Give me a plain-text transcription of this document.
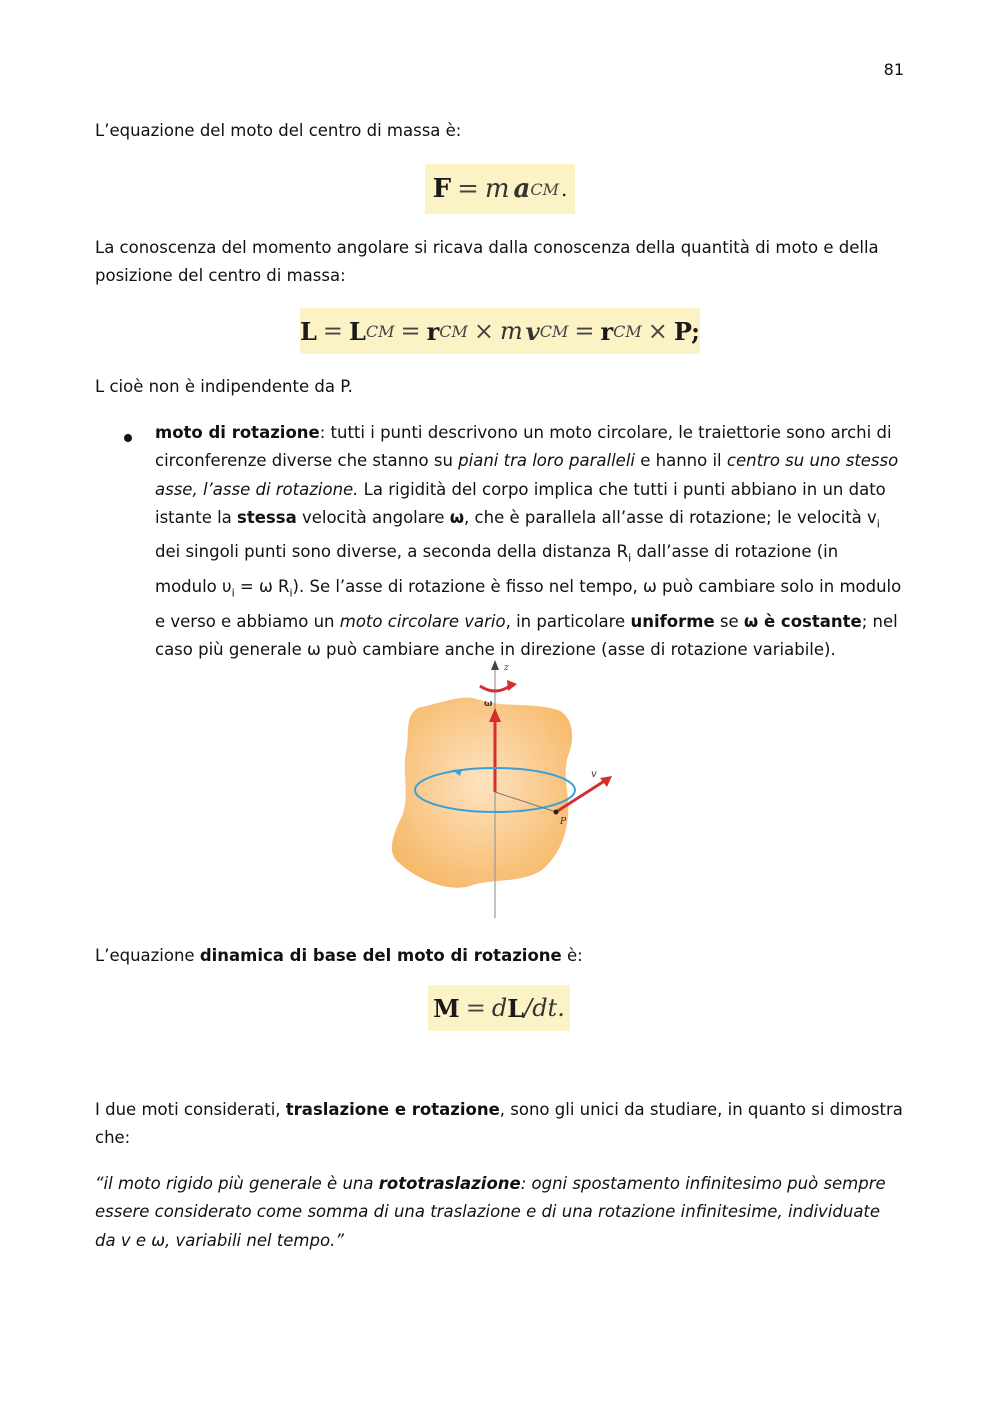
81

L’equazione del moto del centro di massa è:

F = m a CM .

La conoscenza del momento angolare si ricava dalla conoscenza della quantità di moto e della posizione del centro di massa:

L = L CM = r CM × m v CM = r CM × P;

L cioè non è indipendente da P.

moto di rotazione: tutti i punti descrivono un moto circolare, le traiettorie sono archi di circonferenze diverse che stanno su piani tra loro paralleli e hanno il centro su uno stesso asse, l’asse di rotazione. La rigidità del corpo implica che tutti i punti abbiano in un dato istante la stessa velocità angolare ω, che è parallela all’asse di rotazione; le velocità $v_i$ dei singoli punti sono diverse, a seconda della distanza $R_i$ dall’asse di rotazione (in modulo $\upsilon_i = \omega$ $R_i$). Se l’asse di rotazione è fisso nel tempo, ω può cambiare solo in modulo e verso e abbiamo un moto circolare vario, in particolare uniforme se ω è costante; nel caso più generale ω può cambiare anche in direzione (asse di rotazione variabile).

z
ω
v
P

L’equazione dinamica di base del moto di rotazione è:

M = d L / dt.

I due moti considerati, traslazione e rotazione, sono gli unici da studiare, in quanto si dimostra che:

“il moto rigido più generale è una rototraslazione: ogni spostamento infinitesimo può sempre essere considerato come somma di una traslazione e di una rotazione infinitesime, individuate da v e ω, variabili nel tempo.”
